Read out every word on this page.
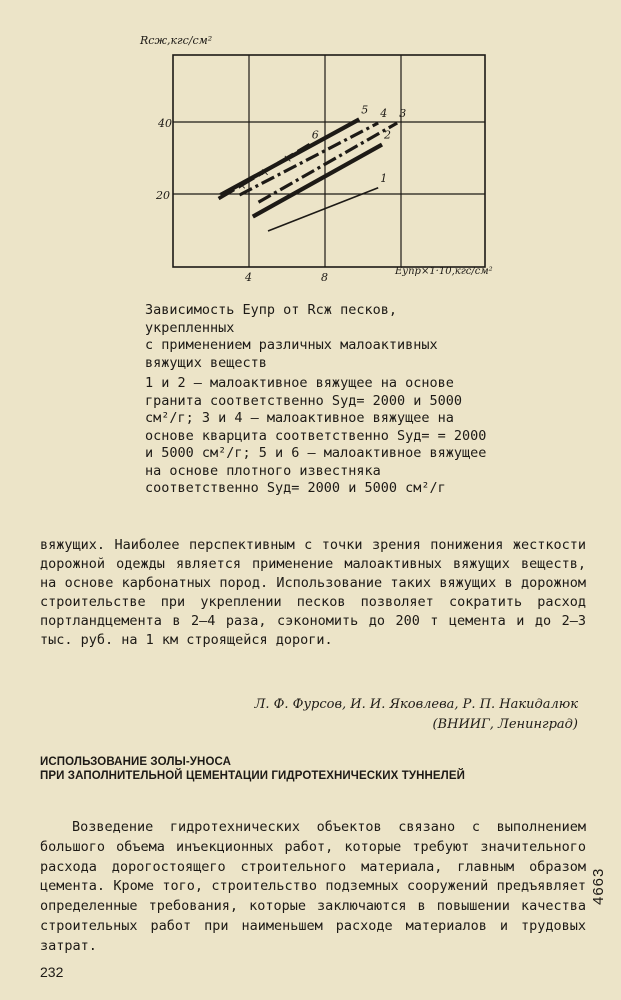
1
2
3
4
5
×
×
×
6
40
20
4	8
Rсж,кгс/см²
Eупр×1·10,кгс/см²

Зависимость Eупр от Rсж песков, укрепленных

с применением различных малоактивных

вяжущих веществ

1 и 2 – малоактивное вяжущее на основе гранита соответственно Sуд= 2000 и 5000 см²/г; 3 и 4 – малоактивное вяжущее на основе кварцита соответственно Sуд= = 2000 и 5000 см²/г; 5 и 6 – малоактивное вяжущее на основе плотного известняка соответственно Sуд= 2000 и 5000 см²/г

вяжущих. Наиболее перспективным с точки зрения понижения жесткости дорожной одежды является применение малоактивных вяжущих веществ, на основе карбонатных пород. Использование таких вяжущих в дорожном строительстве при укреплении песков позволяет сократить расход портландцемента в 2–4 раза, сэкономить до 200 т цемента и до 2–3 тыс. руб. на 1 км строящейся дороги.

Л. Ф. Фурсов, И. И. Яковлева, Р. П. Накидалюк
(ВНИИГ, Ленинград)
ИСПОЛЬЗОВАНИЕ ЗОЛЫ-УНОСА
ПРИ ЗАПОЛНИТЕЛЬНОЙ ЦЕМЕНТАЦИИ ГИДРОТЕХНИЧЕСКИХ ТУННЕЛЕЙ

Возведение гидротехнических объектов связано с выполнением большого объема инъекционных работ, которые требуют значительного расхода дорогостоящего строительного материала, главным образом цемента. Кроме того, строительство подземных сооружений предъявляет определенные требования, которые заключаются в повышении качества строительных работ при наименьшем расходе материалов и трудовых затрат.

232
4663
